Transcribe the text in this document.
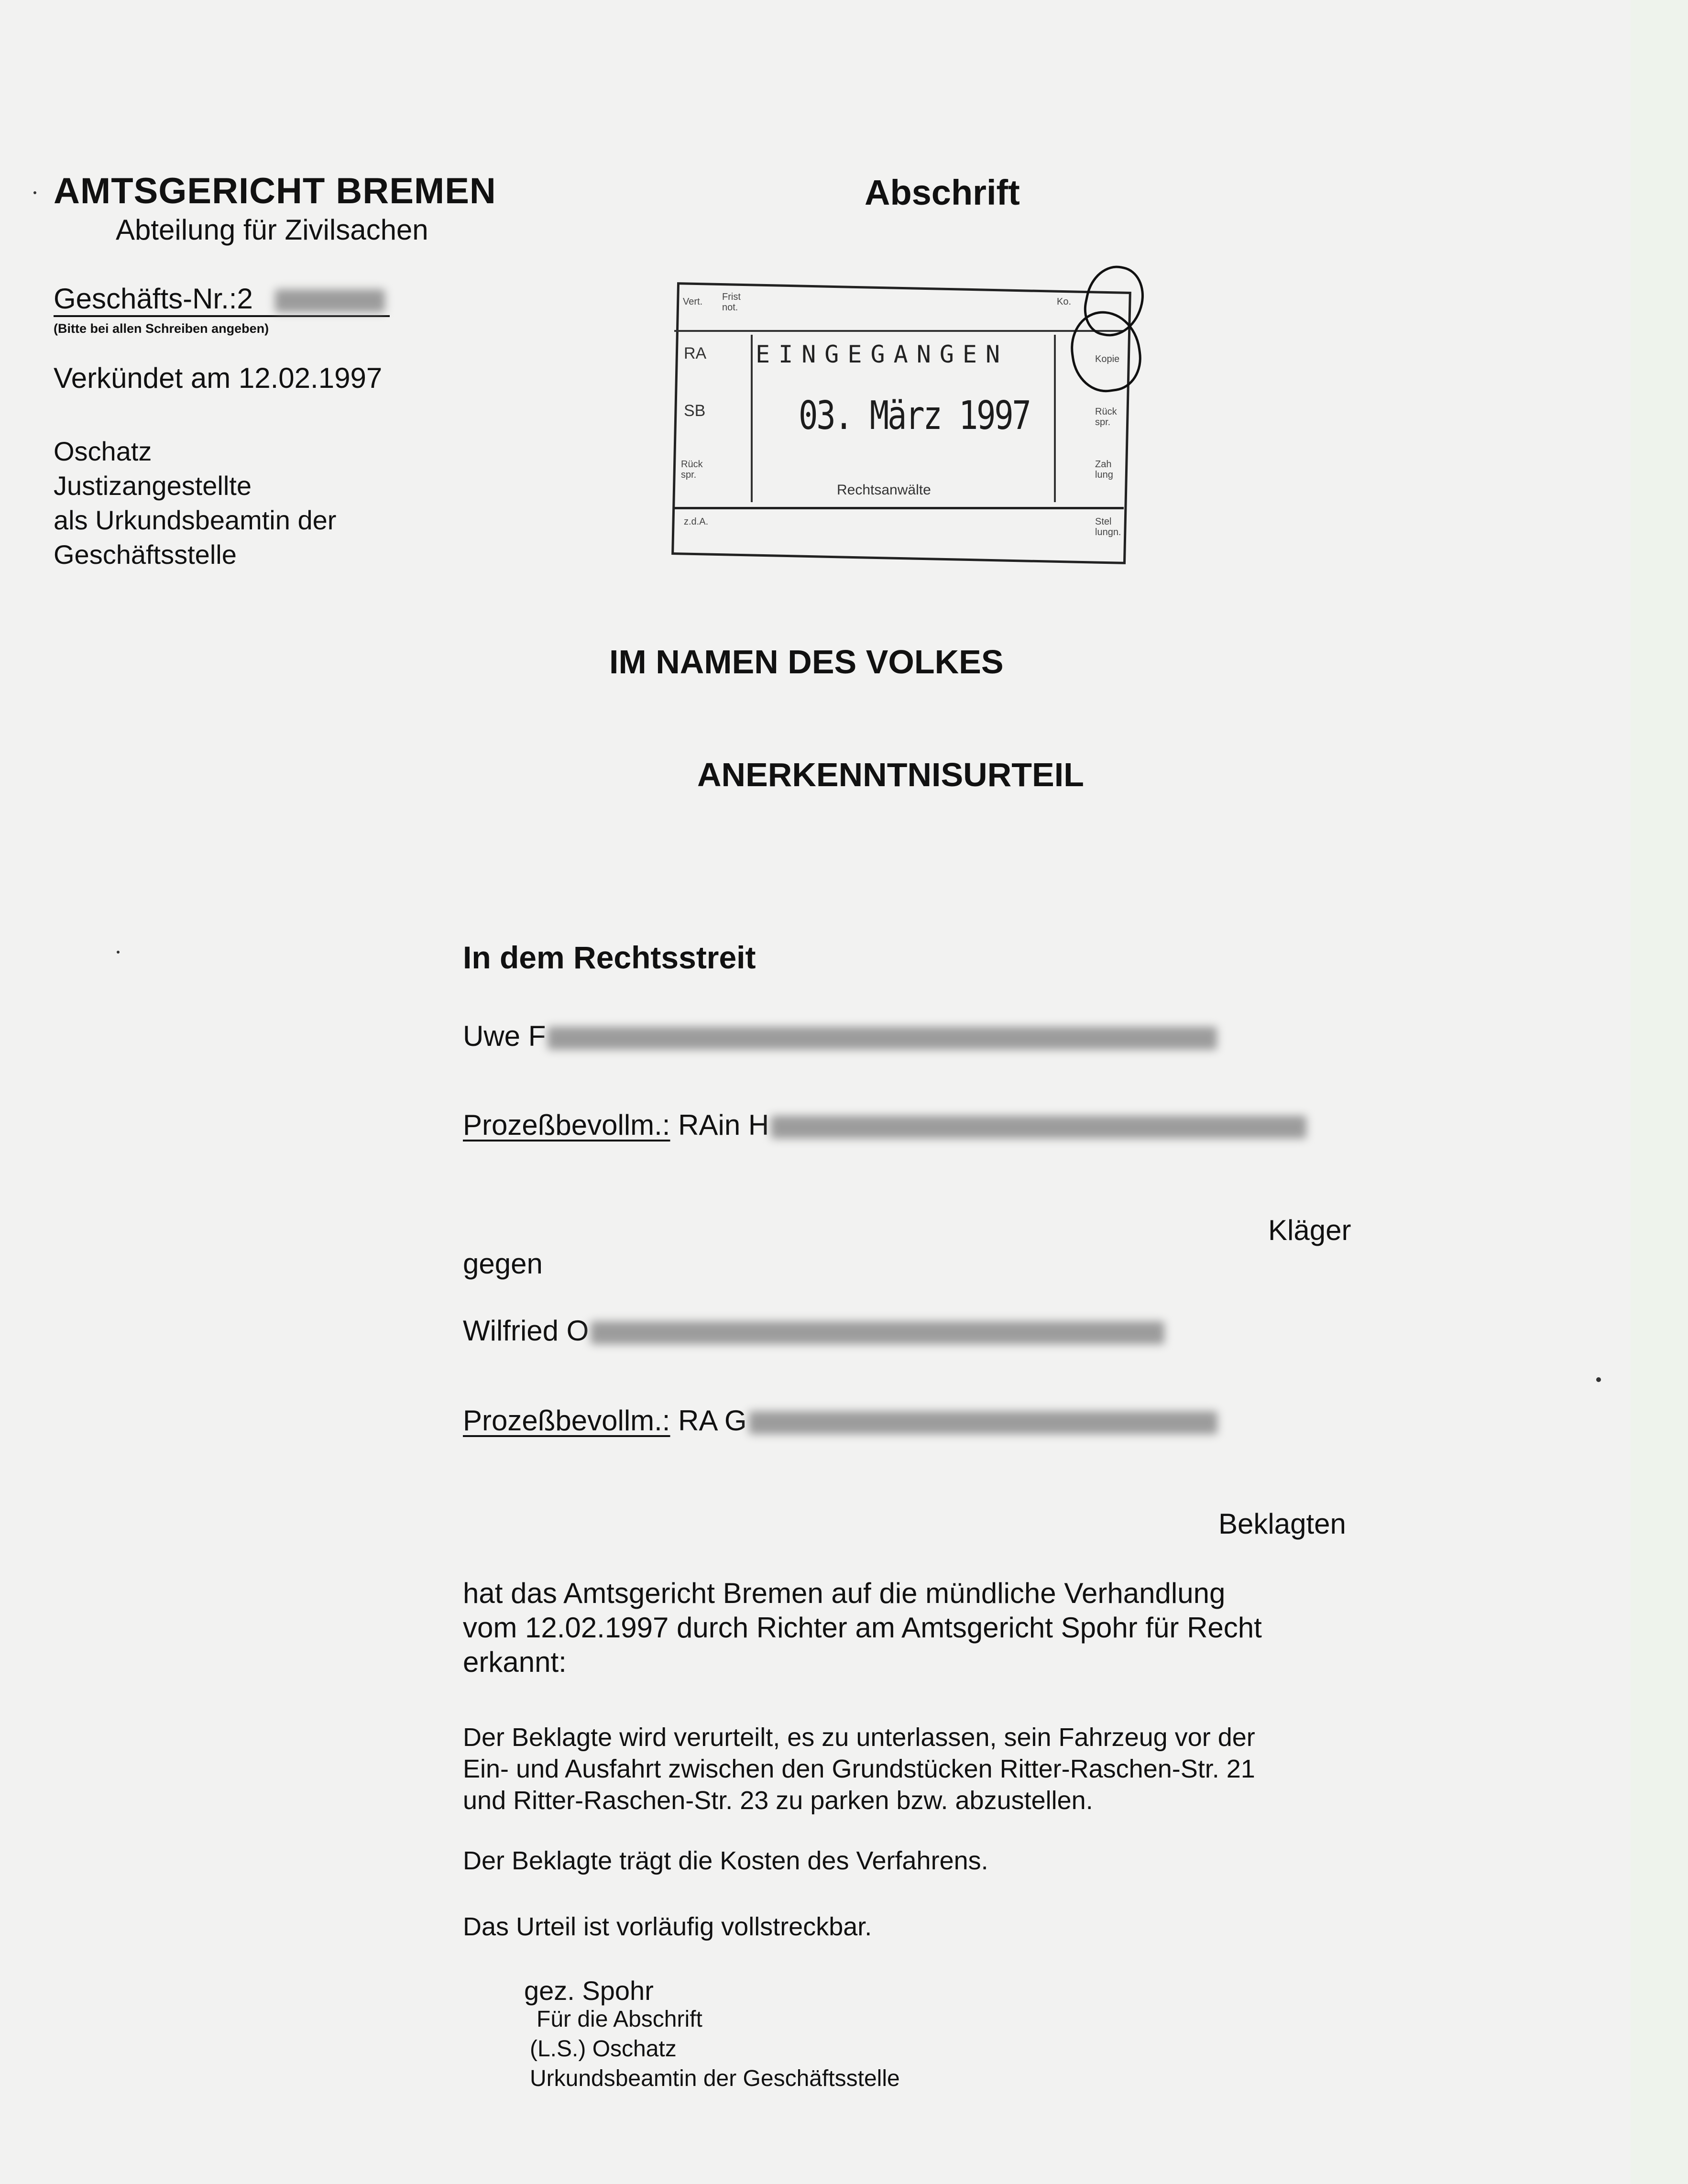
AMTSGERICHT BREMEN
Abteilung für Zivilsachen
Geschäfts-Nr.:2
(Bitte bei allen Schreiben angeben)
Verkündet am 12.02.1997
Oschatz
Justizangestellte
als Urkundsbeamtin der
Geschäftsstelle
Abschrift
Vert. Frist not.
RA
SB
Rück spr.
z.d.A.
Ko.
Kopie
Rück spr.
Zah lung
Stel lungn.
EINGEGANGEN
03. März 1997
Rechtsanwälte
IM NAMEN DES VOLKES
ANERKENNTNISURTEIL
In dem Rechtsstreit
Uwe F
Prozeßbevollm.: RAin H
Kläger
gegen
Wilfried O
Prozeßbevollm.: RA G
Beklagten
hat das Amtsgericht Bremen auf die mündliche Verhandlung
vom 12.02.1997 durch Richter am Amtsgericht Spohr für Recht
erkannt:
Der Beklagte wird verurteilt, es zu unterlassen, sein Fahrzeug vor der
Ein- und Ausfahrt zwischen den Grundstücken Ritter-Raschen-Str. 21
und Ritter-Raschen-Str. 23 zu parken bzw. abzustellen.
Der Beklagte trägt die Kosten des Verfahrens.
Das Urteil ist vorläufig vollstreckbar.
gez. Spohr
Für die Abschrift
(L.S.) Oschatz
Urkundsbeamtin der Geschäftsstelle
